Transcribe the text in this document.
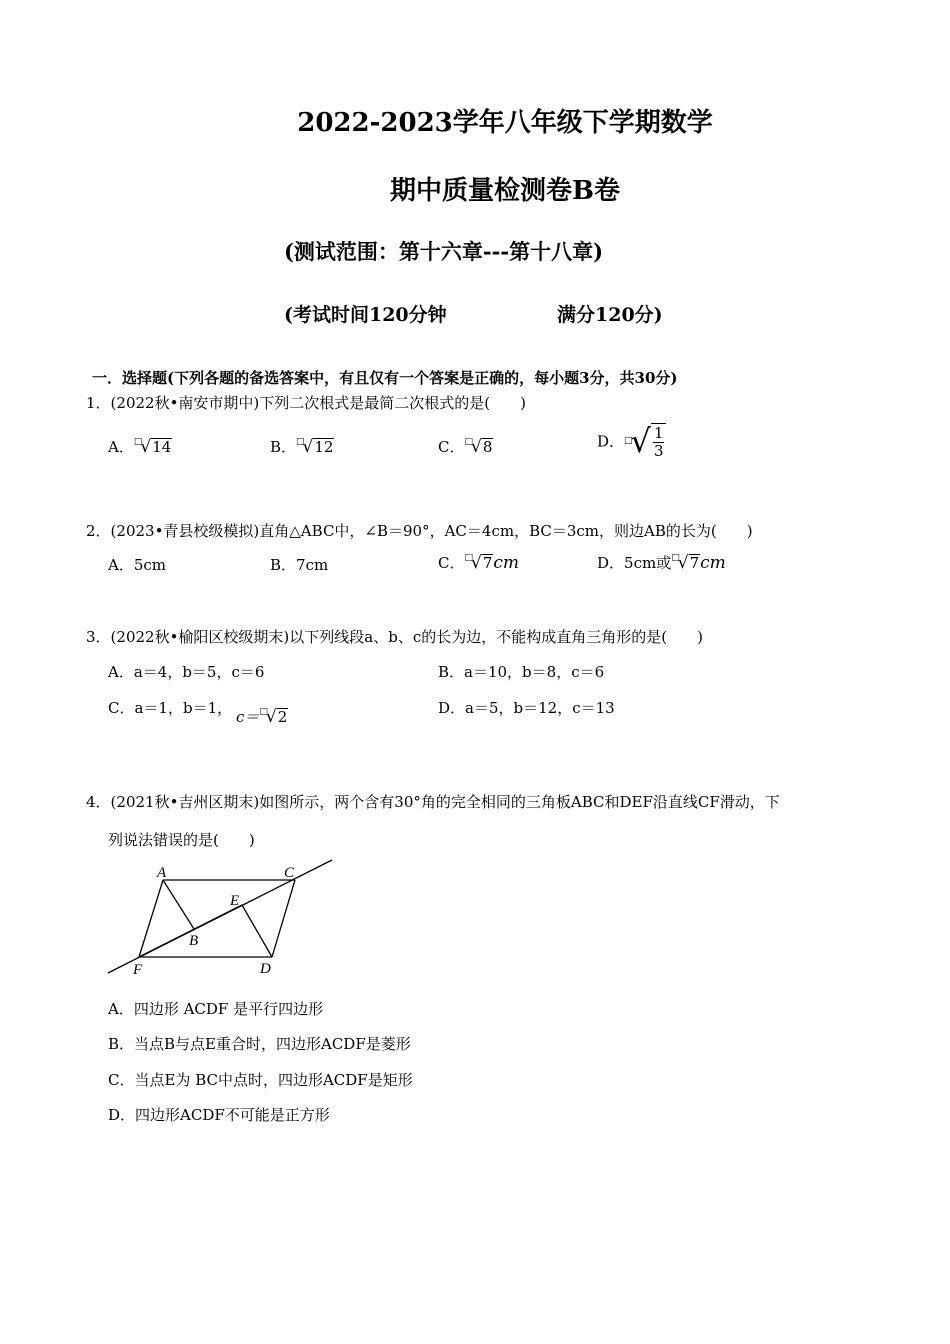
2022-2023学年八年级下学期数学
期中质量检测卷B卷
(测试范围：第十六章---第十八章)
(考试时间120分钟	满分120分)
一．选择题(下列各题的备选答案中，有且仅有一个答案是正确的，每小题3分，共30分)
1．(2022秋•南安市期中)下列二次根式是最简二次根式的是(　　)
A．□√14	B．□√12	C．□√8	D．□√ $\frac{1}{3}$
2．(2023•青县校级模拟)直角△ABC中，∠B＝90°，AC＝4cm，BC＝3cm，则边AB的长为(　　)
A．5cm	B．7cm	C．□√7cm	D．5cm或□√7cm
3．(2022秋•榆阳区校级期末)以下列线段a、b、c的长为边，不能构成直角三角形的是(　　)
A．a＝4，b＝5，c＝6	B．a＝10，b＝8，c＝6
C．a＝1，b＝1， c＝□√2	D．a＝5，b＝12，c＝13
4．(2021秋•吉州区期末)如图所示，两个含有30°角的完全相同的三角板ABC和DEF沿直线CF滑动，下
列说法错误的是(　　)
A	C
E
B
F	D
A．四边形 ACDF 是平行四边形
B．当点B与点E重合时，四边形ACDF是菱形
C．当点E为 BC中点时，四边形ACDF是矩形
D．四边形ACDF不可能是正方形
